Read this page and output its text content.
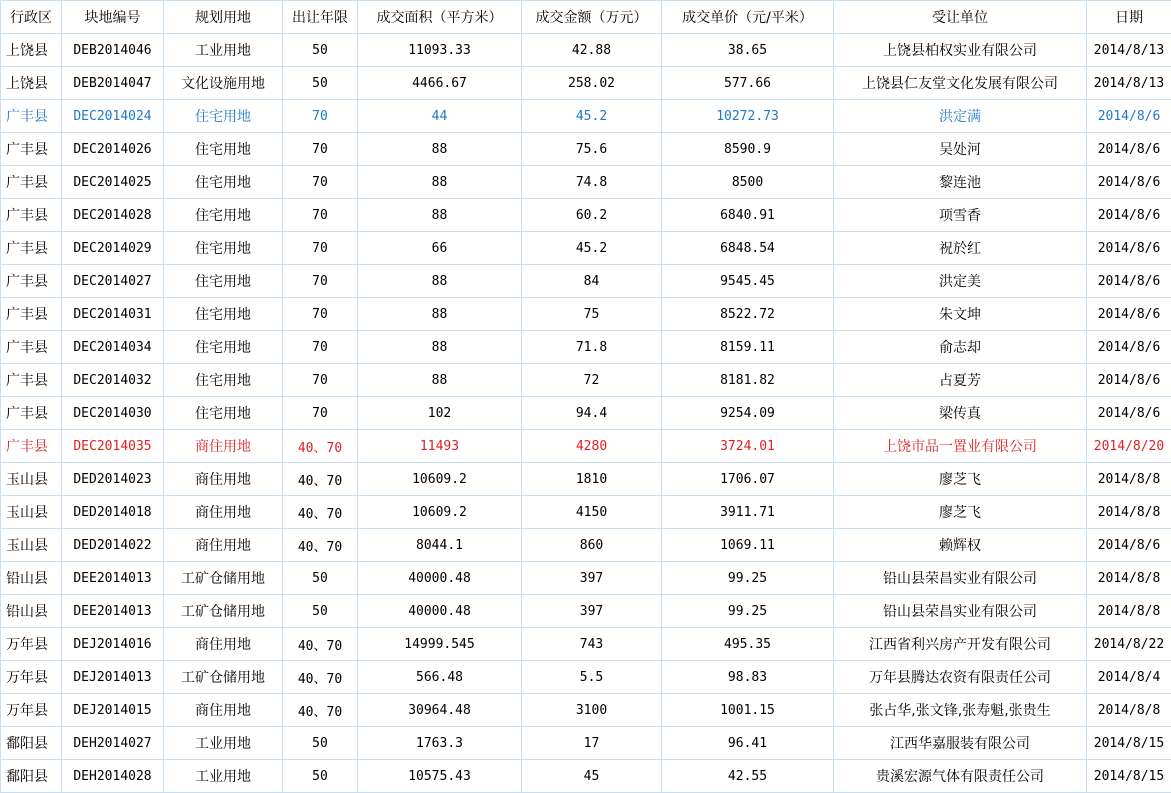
行政区	块地编号	规划用地	出让年限	成交面积（平方米）	成交金额（万元）	成交单价（元/平米）	受让单位	日期
上饶县	DEB2014046	工业用地	50	11093.33	42.88	38.65	上饶县柏权实业有限公司	2014/8/13
上饶县	DEB2014047	文化设施用地	50	4466.67	258.02	577.66	上饶县仁友堂文化发展有限公司	2014/8/13
广丰县	DEC2014024	住宅用地	70	44	45.2	10272.73	洪定满	2014/8/6
广丰县	DEC2014026	住宅用地	70	88	75.6	8590.9	吴处河	2014/8/6
广丰县	DEC2014025	住宅用地	70	88	74.8	8500	黎连池	2014/8/6
广丰县	DEC2014028	住宅用地	70	88	60.2	6840.91	项雪香	2014/8/6
广丰县	DEC2014029	住宅用地	70	66	45.2	6848.54	祝於红	2014/8/6
广丰县	DEC2014027	住宅用地	70	88	84	9545.45	洪定美	2014/8/6
广丰县	DEC2014031	住宅用地	70	88	75	8522.72	朱文坤	2014/8/6
广丰县	DEC2014034	住宅用地	70	88	71.8	8159.11	俞志却	2014/8/6
广丰县	DEC2014032	住宅用地	70	88	72	8181.82	占夏芳	2014/8/6
广丰县	DEC2014030	住宅用地	70	102	94.4	9254.09	梁传真	2014/8/6
广丰县	DEC2014035	商住用地	40、70	11493	4280	3724.01	上饶市品一置业有限公司	2014/8/20
玉山县	DED2014023	商住用地	40、70	10609.2	1810	1706.07	廖芝飞	2014/8/8
玉山县	DED2014018	商住用地	40、70	10609.2	4150	3911.71	廖芝飞	2014/8/8
玉山县	DED2014022	商住用地	40、70	8044.1	860	1069.11	赖辉权	2014/8/6
铅山县	DEE2014013	工矿仓储用地	50	40000.48	397	99.25	铅山县荣昌实业有限公司	2014/8/8
铅山县	DEE2014013	工矿仓储用地	50	40000.48	397	99.25	铅山县荣昌实业有限公司	2014/8/8
万年县	DEJ2014016	商住用地	40、70	14999.545	743	495.35	江西省利兴房产开发有限公司	2014/8/22
万年县	DEJ2014013	工矿仓储用地	40、70	566.48	5.5	98.83	万年县腾达农资有限责任公司	2014/8/4
万年县	DEJ2014015	商住用地	40、70	30964.48	3100	1001.15	张占华,张文锋,张寿魁,张贵生	2014/8/8
鄱阳县	DEH2014027	工业用地	50	1763.3	17	96.41	江西华嘉服装有限公司	2014/8/15
鄱阳县	DEH2014028	工业用地	50	10575.43	45	42.55	贵溪宏源气体有限责任公司	2014/8/15
